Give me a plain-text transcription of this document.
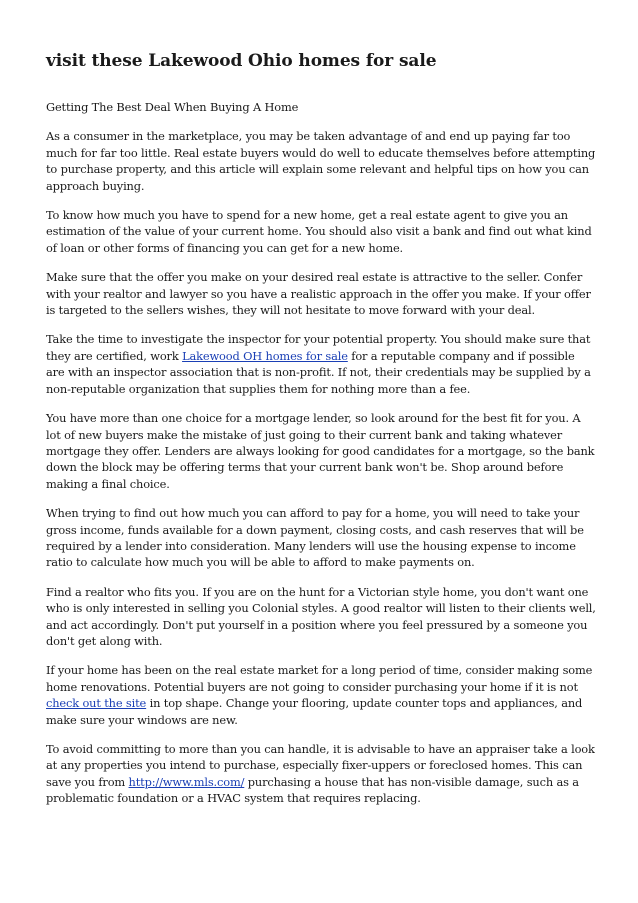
visit these Lakewood Ohio homes for sale

Getting The Best Deal When Buying A Home

As a consumer in the marketplace, you may be taken advantage of and end up paying far too much for far too little. Real estate buyers would do well to educate themselves before attempting to purchase property, and this article will explain some relevant and helpful tips on how you can approach buying.

To know how much you have to spend for a new home, get a real estate agent to give you an estimation of the value of your current home. You should also visit a bank and find out what kind of loan or other forms of financing you can get for a new home.

Make sure that the offer you make on your desired real estate is attractive to the seller. Confer with your realtor and lawyer so you have a realistic approach in the offer you make. If your offer is targeted to the sellers wishes, they will not hesitate to move forward with your deal.

Take the time to investigate the inspector for your potential property. You should make sure that they are certified, work Lakewood OH homes for sale for a reputable company and if possible are with an inspector association that is non-profit. If not, their credentials may be supplied by a non-reputable organization that supplies them for nothing more than a fee.

You have more than one choice for a mortgage lender, so look around for the best fit for you. A lot of new buyers make the mistake of just going to their current bank and taking whatever mortgage they offer. Lenders are always looking for good candidates for a mortgage, so the bank down the block may be offering terms that your current bank won't be. Shop around before making a final choice.

When trying to find out how much you can afford to pay for a home, you will need to take your gross income, funds available for a down payment, closing costs, and cash reserves that will be required by a lender into consideration. Many lenders will use the housing expense to income ratio to calculate how much you will be able to afford to make payments on.

Find a realtor who fits you. If you are on the hunt for a Victorian style home, you don't want one who is only interested in selling you Colonial styles. A good realtor will listen to their clients well, and act accordingly. Don't put yourself in a position where you feel pressured by a someone you don't get along with.

If your home has been on the real estate market for a long period of time, consider making some home renovations. Potential buyers are not going to consider purchasing your home if it is not check out the site in top shape. Change your flooring, update counter tops and appliances, and make sure your windows are new.

To avoid committing to more than you can handle, it is advisable to have an appraiser take a look at any properties you intend to purchase, especially fixer-uppers or foreclosed homes. This can save you from http://www.mls.com/ purchasing a house that has non-visible damage, such as a problematic foundation or a HVAC system that requires replacing.
